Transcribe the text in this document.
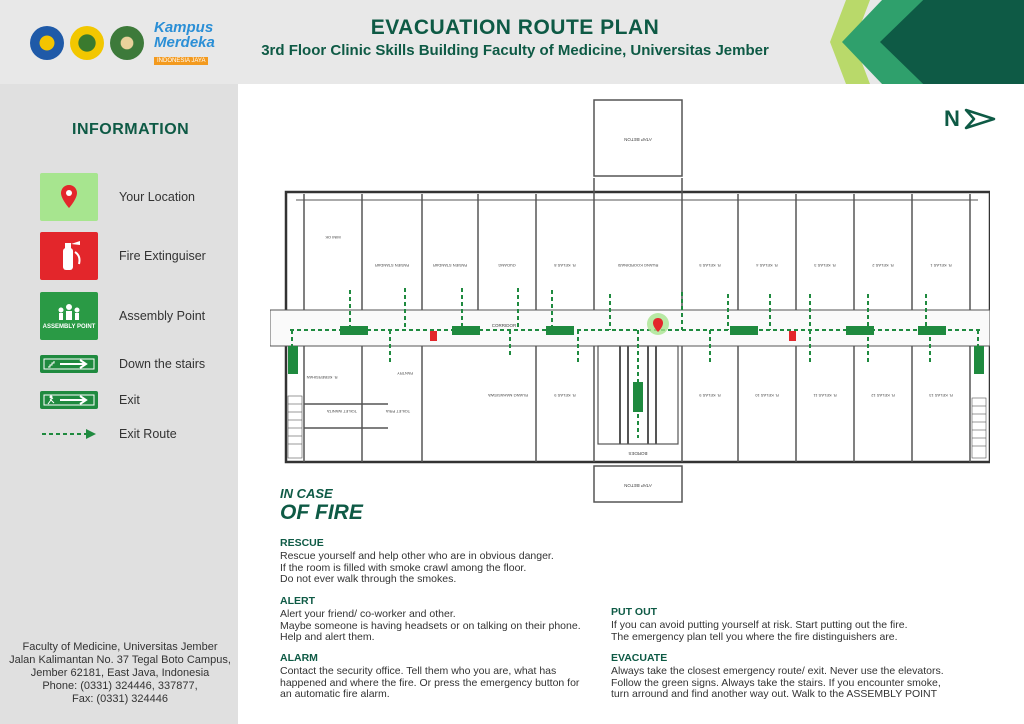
Kampus
Merdeka
INDONESIA JAYA
EVACUATION ROUTE PLAN
3rd Floor Clinic Skills Building Faculty of Medicine, Universitas Jember
INFORMATION
Your Location
Fire Extinguiser
ASSEMBLY POINT
Assembly Point
Down the stairs
Exit
Exit Route
Faculty of Medicine, Universitas Jember
Jalan Kalimantan No. 37 Tegal Boto Campus,
Jember 62181, East Java, Indonesia
Phone: (0331) 324446, 337877,
Fax: (0331) 324446
N
ATAP BETON
ATAP BETON
CORRIDOR
BORDES
MINI OK
PASIEN STANDAR	PASIEN STANDAR	GUDANG	R. KELAS 8	RUANG KOORDINASI	R. KELAS 5	R. KELAS 4	R. KELAS 3	R. KELAS 2	R. KELAS 1
R. KEBERSIHAN
PANTRY
TOILET WANITA	TOILET PRIA
RUANG MAHASISWA	R. KELAS 9	R. KELAS 9	R. KELAS 10	R. KELAS 11	R. KELAS 12	R. KELAS 13
IN CASE
OF FIRE
RESCUE
Rescue yourself and help other who are in obvious danger.
If the room is filled with smoke crawl among the floor.
Do not ever walk through the smokes.
ALERT
Alert your friend/ co-worker and other.
Maybe someone is having headsets or on talking on their phone.
Help and alert them.
ALARM
Contact the security office. Tell them who you are, what has
happened and where the fire. Or press the emergency button for
an automatic fire alarm.
PUT OUT
If you can avoid putting yourself at risk. Start putting out the fire.
The emergency plan tell you where the fire distinguishers are.
EVACUATE
Always take the closest emergency route/ exit. Never use the elevators.
Follow the green signs. Always take the stairs. If you encounter smoke,
turn arround and find another way out. Walk to the ASSEMBLY POINT
